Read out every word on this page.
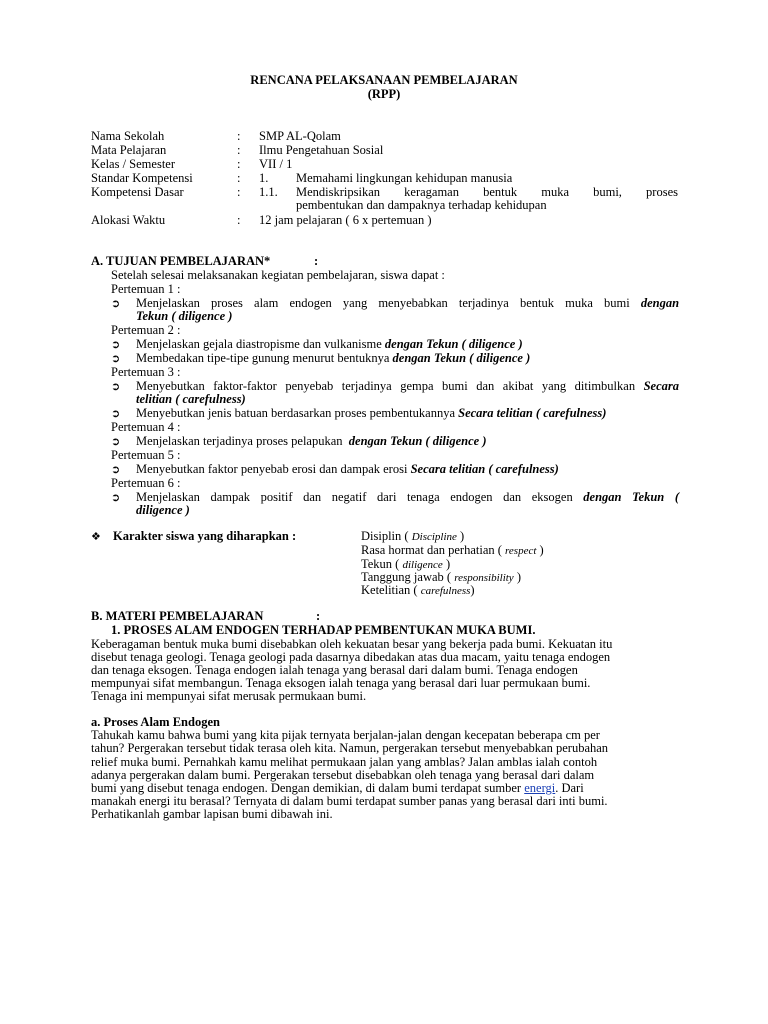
RENCANA PELAKSANAAN PEMBELAJARAN
(RPP)
Nama Sekolah	: SMP AL-Qolam
Mata Pelajaran	: Ilmu Pengetahuan Sosial
Kelas / Semester	: VII / 1
Standar Kompetensi	: 1. Memahami lingkungan kehidupan manusia
Kompetensi Dasar	: 1.1. Mendiskripsikan keragaman bentuk muka bumi, proses
pembentukan dan dampaknya terhadap kehidupan
Alokasi Waktu	: 12 jam pelajaran ( 6 x pertemuan )
A. TUJUAN PEMBELAJARAN*	:
Setelah selesai melaksanakan kegiatan pembelajaran, siswa dapat :
Pertemuan 1 :
➲ Menjelaskan proses alam endogen yang menyebabkan terjadinya bentuk muka bumi dengan
Tekun ( diligence )
Pertemuan 2 :
➲ Menjelaskan gejala diastropisme dan vulkanisme dengan Tekun ( diligence )
➲ Membedakan tipe-tipe gunung menurut bentuknya dengan Tekun ( diligence )
Pertemuan 3 :
➲ Menyebutkan faktor-faktor penyebab terjadinya gempa bumi dan akibat yang ditimbulkan Secara
telitian ( carefulness)
➲ Menyebutkan jenis batuan berdasarkan proses pembentukannya Secara telitian ( carefulness)
Pertemuan 4 :
➲ Menjelaskan terjadinya proses pelapukan dengan Tekun ( diligence )
Pertemuan 5 :
➲ Menyebutkan faktor penyebab erosi dan dampak erosi Secara telitian ( carefulness)
Pertemuan 6 :
➲ Menjelaskan dampak positif dan negatif dari tenaga endogen dan eksogen dengan Tekun (
diligence )
❖ Karakter siswa yang diharapkan :	Disiplin ( Discipline )
Rasa hormat dan perhatian ( respect )
Tekun ( diligence )
Tanggung jawab ( responsibility )
Ketelitian ( carefulness)
B. MATERI PEMBELAJARAN	:
1. PROSES ALAM ENDOGEN TERHADAP PEMBENTUKAN MUKA BUMI.
Keberagaman bentuk muka bumi disebabkan oleh kekuatan besar yang bekerja pada bumi. Kekuatan itu
disebut tenaga geologi. Tenaga geologi pada dasarnya dibedakan atas dua macam, yaitu tenaga endogen
dan tenaga eksogen. Tenaga endogen ialah tenaga yang berasal dari dalam bumi. Tenaga endogen
mempunyai sifat membangun. Tenaga eksogen ialah tenaga yang berasal dari luar permukaan bumi.
Tenaga ini mempunyai sifat merusak permukaan bumi.
a. Proses Alam Endogen
Tahukah kamu bahwa bumi yang kita pijak ternyata berjalan-jalan dengan kecepatan beberapa cm per
tahun? Pergerakan tersebut tidak terasa oleh kita. Namun, pergerakan tersebut menyebabkan perubahan
relief muka bumi. Pernahkah kamu melihat permukaan jalan yang amblas? Jalan amblas ialah contoh
adanya pergerakan dalam bumi. Pergerakan tersebut disebabkan oleh tenaga yang berasal dari dalam
bumi yang disebut tenaga endogen. Dengan demikian, di dalam bumi terdapat sumber energi. Dari
manakah energi itu berasal? Ternyata di dalam bumi terdapat sumber panas yang berasal dari inti bumi.
Perhatikanlah gambar lapisan bumi dibawah ini.
